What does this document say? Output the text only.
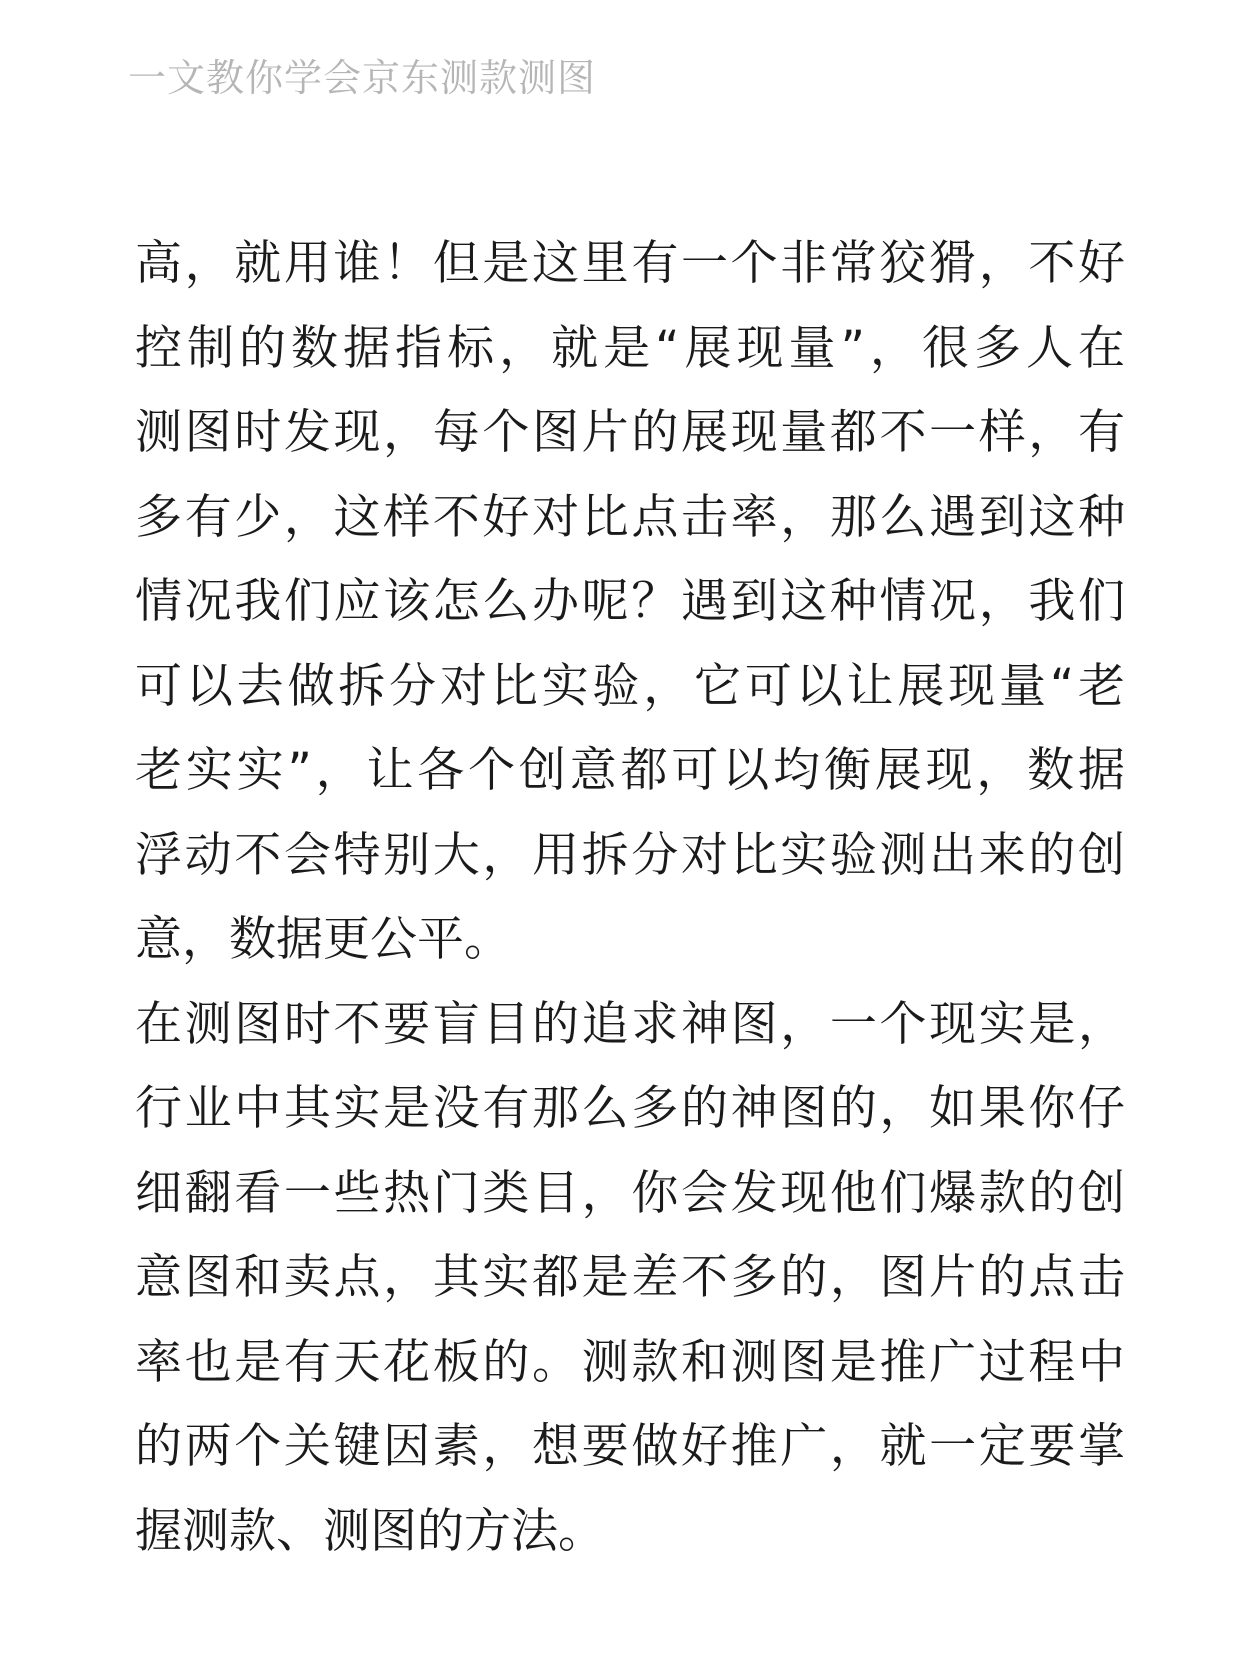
一文教你学会京东测款测图
高，就用谁！但是这里有一个非常狡猾，不好
控制的数据指标，就是“展现量”，很多人在
测图时发现，每个图片的展现量都不一样，有
多有少，这样不好对比点击率，那么遇到这种
情况我们应该怎么办呢？遇到这种情况，我们
可以去做拆分对比实验，它可以让展现量“老
老实实”，让各个创意都可以均衡展现，数据
浮动不会特别大，用拆分对比实验测出来的创
意，数据更公平。
在测图时不要盲目的追求神图，一个现实是，
行业中其实是没有那么多的神图的，如果你仔
细翻看一些热门类目，你会发现他们爆款的创
意图和卖点，其实都是差不多的，图片的点击
率也是有天花板的。测款和测图是推广过程中
的两个关键因素，想要做好推广，就一定要掌
握测款、测图的方法。
